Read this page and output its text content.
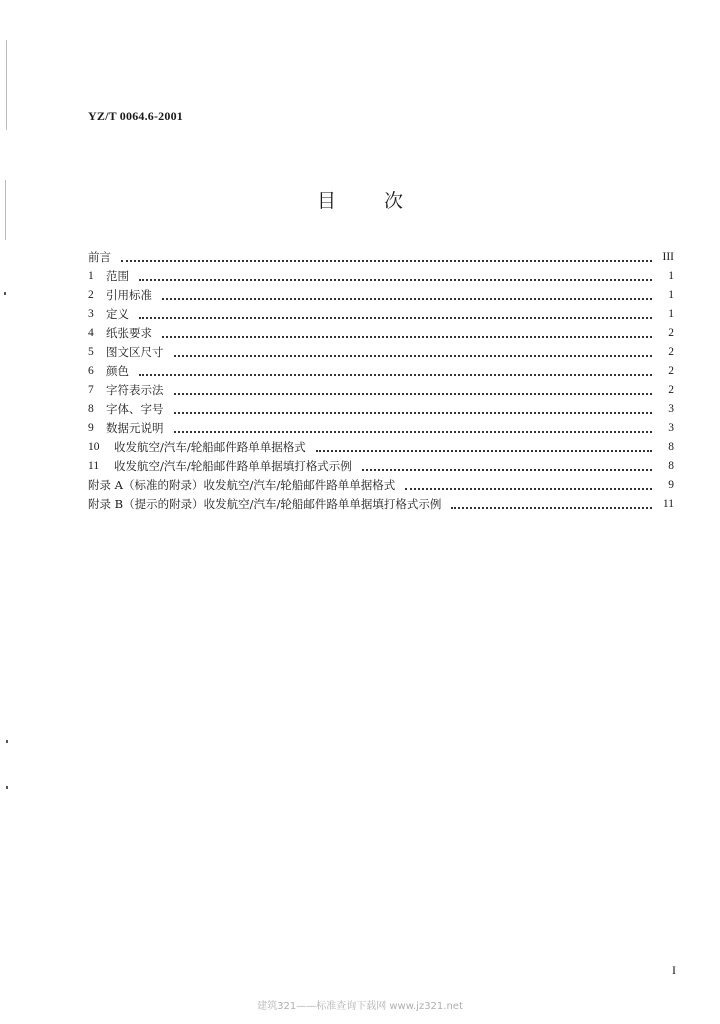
YZ/T 0064.6-2001
目	次
前言	III
1	范围	1
2	引用标准	1
3	定义	1
4	纸张要求	2
5	图文区尺寸	2
6	颜色	2
7	字符表示法	2
8	字体、字号	3
9	数据元说明	3
10	收发航空/汽车/轮船邮件路单单据格式	8
11	收发航空/汽车/轮船邮件路单单据填打格式示例	8
附录 A（标准的附录）收发航空/汽车/轮船邮件路单单据格式	9
附录 B（提示的附录）收发航空/汽车/轮船邮件路单单据填打格式示例	11
I
建筑321——标准查询下载网 www.jz321.net
